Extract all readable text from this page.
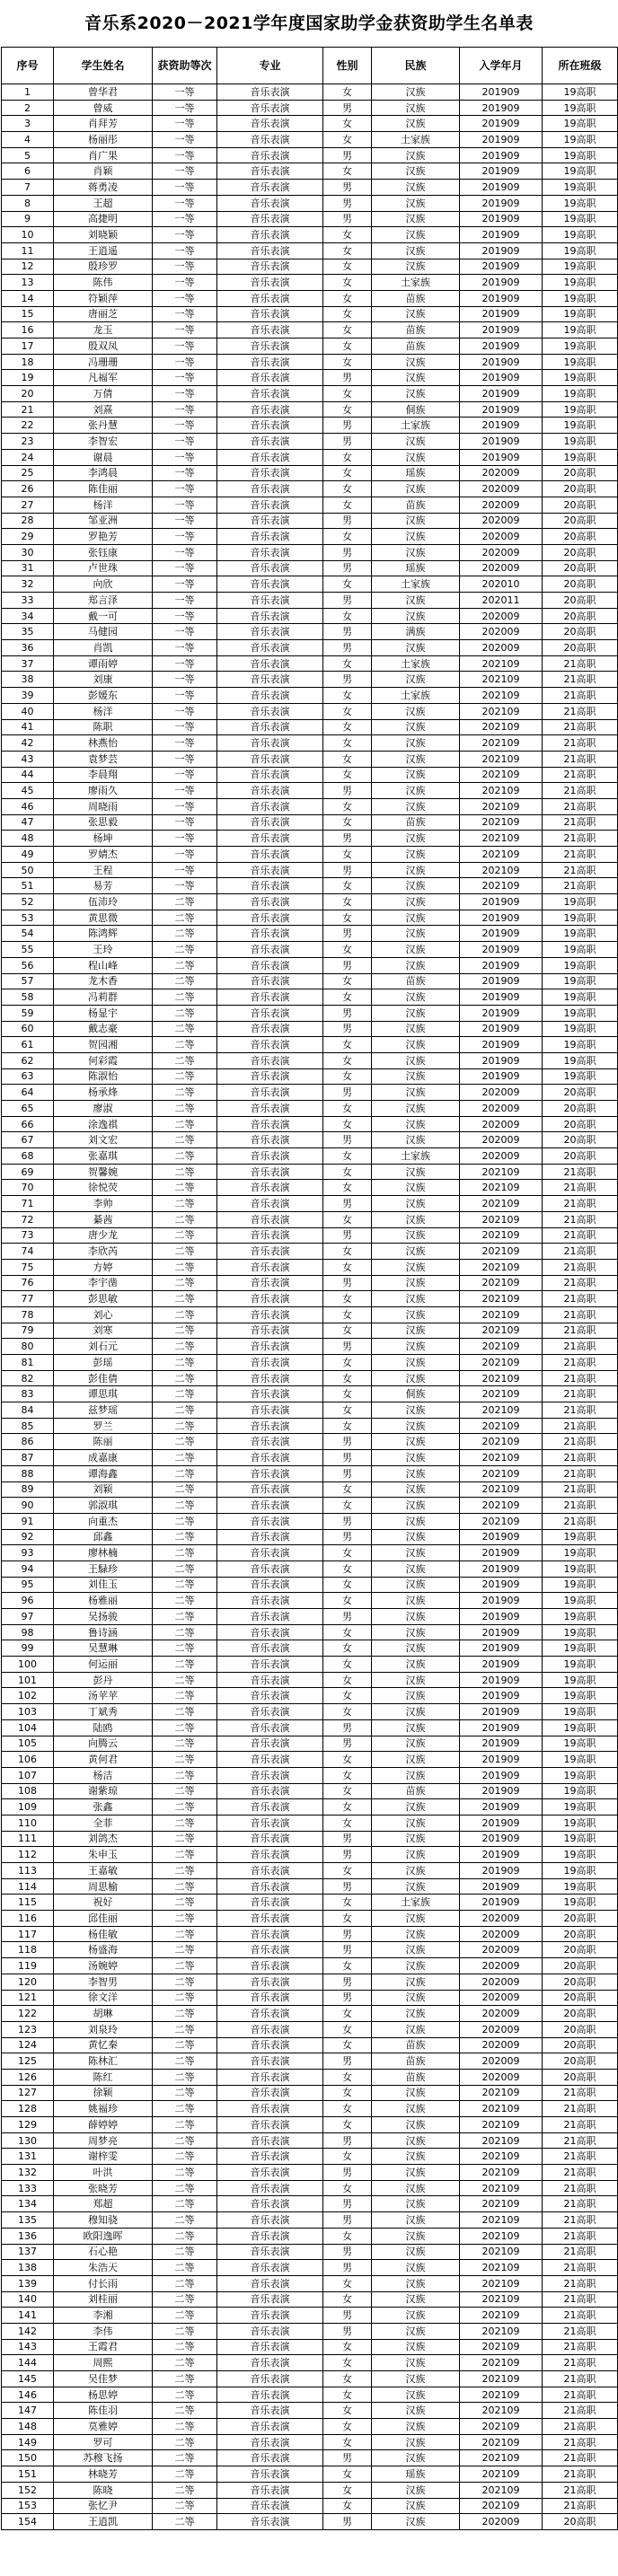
音乐系2020－2021学年度国家助学金获资助学生名单表
序号	学生姓名	获资助等次	专业	性别	民族	入学年月	所在班级
1	曾华君	一等	音乐表演	女	汉族	201909	19高职
2	曾威	一等	音乐表演	男	汉族	201909	19高职
3	肖拜芳	一等	音乐表演	女	汉族	201909	19高职
4	杨丽彤	一等	音乐表演	女	土家族	201909	19高职
5	肖广果	一等	音乐表演	男	汉族	201909	19高职
6	肖颖	一等	音乐表演	女	汉族	201909	19高职
7	蒋勇凌	一等	音乐表演	男	汉族	201909	19高职
8	王超	一等	音乐表演	男	汉族	201909	19高职
9	高捷明	一等	音乐表演	男	汉族	201909	19高职
10	刘晓颖	一等	音乐表演	女	汉族	201909	19高职
11	王逍遥	一等	音乐表演	女	汉族	201909	19高职
12	殷珍罗	一等	音乐表演	女	汉族	201909	19高职
13	陈伟	一等	音乐表演	女	土家族	201909	19高职
14	符颖萍	一等	音乐表演	女	苗族	201909	19高职
15	唐丽芝	一等	音乐表演	女	汉族	201909	19高职
16	龙玉	一等	音乐表演	女	苗族	201909	19高职
17	殷双凤	一等	音乐表演	女	苗族	201909	19高职
18	冯珊珊	一等	音乐表演	女	汉族	201909	19高职
19	凡福军	一等	音乐表演	男	汉族	201909	19高职
20	万倩	一等	音乐表演	女	汉族	201909	19高职
21	刘熹	一等	音乐表演	女	侗族	201909	19高职
22	张丹慧	一等	音乐表演	男	土家族	201909	19高职
23	李智宏	一等	音乐表演	男	汉族	201909	19高职
24	谢晨	一等	音乐表演	女	汉族	201909	19高职
25	李鸿晨	一等	音乐表演	女	瑶族	202009	20高职
26	陈佳丽	一等	音乐表演	女	汉族	202009	20高职
27	杨洋	一等	音乐表演	女	苗族	202009	20高职
28	邹亚洲	一等	音乐表演	男	汉族	202009	20高职
29	罗艳芳	一等	音乐表演	女	汉族	202009	20高职
30	张钰康	一等	音乐表演	男	汉族	202009	20高职
31	卢世珠	一等	音乐表演	男	瑶族	202009	20高职
32	向欣	一等	音乐表演	女	土家族	202010	20高职
33	郑言泽	一等	音乐表演	男	汉族	202011	20高职
34	戴一可	一等	音乐表演	女	汉族	202009	20高职
35	马健园	一等	音乐表演	男	满族	202009	20高职
36	肖凯	一等	音乐表演	男	汉族	202009	20高职
37	谭雨婷	一等	音乐表演	女	土家族	202109	21高职
38	刘康	一等	音乐表演	男	汉族	202109	21高职
39	彭媛东	一等	音乐表演	女	土家族	202109	21高职
40	杨洋	一等	音乐表演	女	汉族	202109	21高职
41	陈职	一等	音乐表演	女	汉族	202109	21高职
42	林燕怡	一等	音乐表演	女	汉族	202109	21高职
43	袁梦芸	一等	音乐表演	女	汉族	202109	21高职
44	李晨翔	一等	音乐表演	女	汉族	202109	21高职
45	廖雨久	一等	音乐表演	男	汉族	202109	21高职
46	周晓雨	一等	音乐表演	女	汉族	202109	21高职
47	张思毅	一等	音乐表演	女	苗族	202109	21高职
48	杨坤	一等	音乐表演	男	汉族	202109	21高职
49	罗婧杰	一等	音乐表演	女	汉族	202109	21高职
50	王程	一等	音乐表演	男	汉族	202109	21高职
51	易芳	一等	音乐表演	女	汉族	202109	21高职
52	伍沛玲	二等	音乐表演	女	汉族	201909	19高职
53	黄思微	二等	音乐表演	女	汉族	201909	19高职
54	陈鸿辉	二等	音乐表演	男	汉族	201909	19高职
55	王玲	二等	音乐表演	女	汉族	201909	19高职
56	程山峰	二等	音乐表演	男	汉族	201909	19高职
57	龙木香	二等	音乐表演	女	苗族	201909	19高职
58	冯莉群	二等	音乐表演	女	汉族	201909	19高职
59	杨显宇	二等	音乐表演	男	汉族	201909	19高职
60	戴志豪	二等	音乐表演	男	汉族	201909	19高职
61	贺园湘	二等	音乐表演	女	汉族	201909	19高职
62	何彩霞	二等	音乐表演	女	汉族	201909	19高职
63	陈淑怡	二等	音乐表演	女	汉族	201909	19高职
64	杨承烽	二等	音乐表演	男	汉族	202009	20高职
65	廖淑	二等	音乐表演	女	汉族	202009	20高职
66	涂逸祺	二等	音乐表演	女	汉族	202009	20高职
67	刘文宏	二等	音乐表演	男	汉族	202009	20高职
68	张嘉琪	二等	音乐表演	女	土家族	202009	20高职
69	贺馨婉	二等	音乐表演	女	汉族	202109	21高职
70	徐悦荧	二等	音乐表演	女	汉族	202109	21高职
71	李帅	二等	音乐表演	男	汉族	202109	21高职
72	綦茜	二等	音乐表演	女	汉族	202109	21高职
73	唐少龙	二等	音乐表演	男	汉族	202109	21高职
74	李欣芮	二等	音乐表演	女	汉族	202109	21高职
75	方婷	二等	音乐表演	女	汉族	202109	21高职
76	李宇凿	二等	音乐表演	男	汉族	202109	21高职
77	彭思敏	二等	音乐表演	女	汉族	202109	21高职
78	刘心	二等	音乐表演	女	汉族	202109	21高职
79	刘寒	二等	音乐表演	女	汉族	202109	21高职
80	刘石元	二等	音乐表演	男	汉族	202109	21高职
81	彭瑶	二等	音乐表演	女	汉族	202109	21高职
82	彭佳倩	二等	音乐表演	女	汉族	202109	21高职
83	谭思琪	二等	音乐表演	女	侗族	202109	21高职
84	兹梦瑶	二等	音乐表演	女	汉族	202109	21高职
85	罗兰	二等	音乐表演	女	汉族	202109	21高职
86	陈丽	二等	音乐表演	男	汉族	202109	21高职
87	成嘉康	二等	音乐表演	男	汉族	202109	21高职
88	谭海鑫	二等	音乐表演	男	汉族	202109	21高职
89	刘颖	二等	音乐表演	女	汉族	202109	21高职
90	郭淑琪	二等	音乐表演	女	汉族	202109	21高职
91	向重杰	二等	音乐表演	男	汉族	202109	21高职
92	邱鑫	二等	音乐表演	男	汉族	201909	19高职
93	廖林楠	二等	音乐表演	女	汉族	201909	19高职
94	王騄珍	二等	音乐表演	女	汉族	201909	19高职
95	刘佳玉	二等	音乐表演	女	汉族	201909	19高职
96	杨雅丽	二等	音乐表演	女	汉族	201909	19高职
97	吴扬骏	二等	音乐表演	男	汉族	201909	19高职
98	鲁诗涵	二等	音乐表演	女	汉族	201909	19高职
99	吴慧琳	二等	音乐表演	女	汉族	201909	19高职
100	何运丽	二等	音乐表演	女	汉族	201909	19高职
101	彭丹	二等	音乐表演	女	汉族	201909	19高职
102	汤苹苹	二等	音乐表演	女	汉族	201909	19高职
103	丁斌秀	二等	音乐表演	女	汉族	201909	19高职
104	陆鸥	二等	音乐表演	男	汉族	201909	19高职
105	向腾云	二等	音乐表演	男	汉族	201909	19高职
106	黄何君	二等	音乐表演	女	汉族	201909	19高职
107	杨洁	二等	音乐表演	女	汉族	201909	19高职
108	谢紫琼	二等	音乐表演	女	苗族	201909	19高职
109	张鑫	二等	音乐表演	女	汉族	201909	19高职
110	全菲	二等	音乐表演	女	汉族	201909	19高职
111	刘鸽杰	二等	音乐表演	男	汉族	201909	19高职
112	朱申玉	二等	音乐表演	男	汉族	201909	19高职
113	王嘉敏	二等	音乐表演	女	汉族	201909	19高职
114	周思榆	二等	音乐表演	男	汉族	201909	19高职
115	祝好	二等	音乐表演	女	土家族	201909	19高职
116	邱佳丽	二等	音乐表演	女	汉族	202009	20高职
117	杨佳敏	二等	音乐表演	男	汉族	202009	20高职
118	杨盛海	二等	音乐表演	男	汉族	202009	20高职
119	汤婉婷	二等	音乐表演	女	汉族	202009	20高职
120	李智男	二等	音乐表演	男	汉族	202009	20高职
121	徐文洋	二等	音乐表演	男	汉族	202009	20高职
122	胡琳	二等	音乐表演	女	汉族	202009	20高职
123	刘泉玲	二等	音乐表演	女	汉族	202009	20高职
124	黄忆秦	二等	音乐表演	女	苗族	202009	20高职
125	陈林汇	二等	音乐表演	男	苗族	202009	20高职
126	陈红	二等	音乐表演	女	苗族	202009	20高职
127	徐颖	二等	音乐表演	女	汉族	202109	21高职
128	姚福珍	二等	音乐表演	女	汉族	202109	21高职
129	薛婷婷	二等	音乐表演	女	汉族	202109	21高职
130	周梦亮	二等	音乐表演	男	汉族	202109	21高职
131	谢梓雯	二等	音乐表演	女	汉族	202109	21高职
132	叶洪	二等	音乐表演	男	汉族	202109	21高职
133	张晓芳	二等	音乐表演	女	汉族	202109	21高职
134	郑超	二等	音乐表演	男	汉族	202109	21高职
135	穆知骁	二等	音乐表演	男	汉族	202109	21高职
136	欧阳逸晖	二等	音乐表演	女	汉族	202109	21高职
137	石心艳	二等	音乐表演	男	汉族	202109	21高职
138	朱浩天	二等	音乐表演	男	汉族	202109	21高职
139	付长雨	二等	音乐表演	女	汉族	202109	21高职
140	刘桂丽	二等	音乐表演	女	汉族	202109	21高职
141	李湘	二等	音乐表演	男	汉族	202109	21高职
142	李伟	二等	音乐表演	男	汉族	202109	21高职
143	王霞君	二等	音乐表演	女	汉族	202109	21高职
144	周熙	二等	音乐表演	女	汉族	202109	21高职
145	吴佳梦	二等	音乐表演	女	汉族	202109	21高职
146	杨思婷	二等	音乐表演	女	汉族	202109	21高职
147	陈佳羽	二等	音乐表演	女	汉族	202109	21高职
148	莫雅婷	二等	音乐表演	女	汉族	202109	21高职
149	罗可	二等	音乐表演	女	汉族	202109	21高职
150	苏穆飞扬	二等	音乐表演	男	汉族	202109	21高职
151	林晓芳	二等	音乐表演	女	瑶族	202109	21高职
152	陈晓	二等	音乐表演	女	汉族	202109	21高职
153	张忆尹	二等	音乐表演	女	汉族	202109	21高职
154	王逍凯	二等	音乐表演	男	汉族	202009	20高职
